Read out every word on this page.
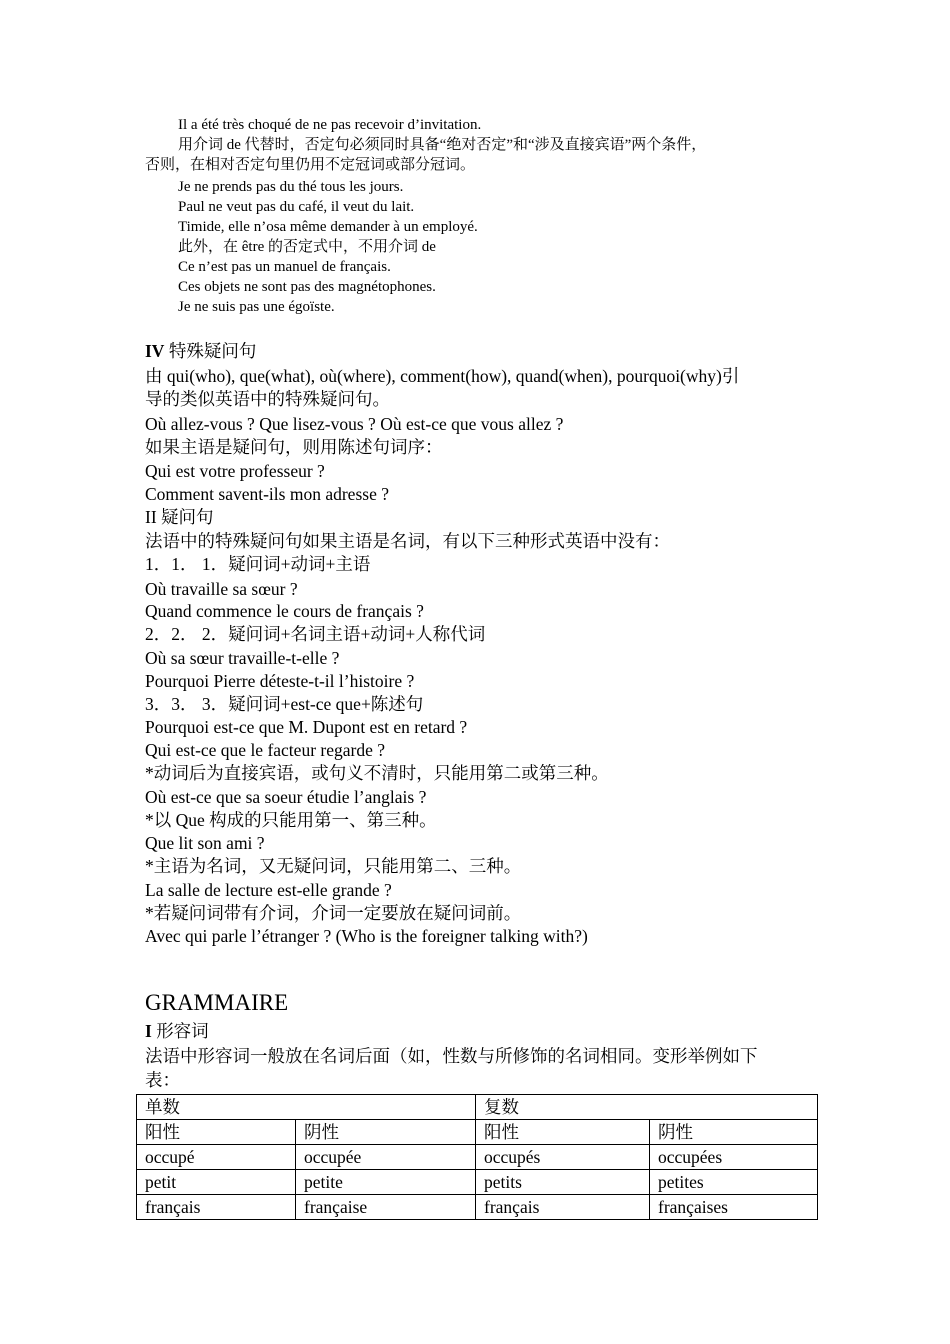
Il a été très choqué de ne pas recevoir d’invitation.
用介词 de 代替时，否定句必须同时具备“绝对否定”和“涉及直接宾语”两个条件，
否则，在相对否定句里仍用不定冠词或部分冠词。
Je ne prends pas du thé tous les jours.
Paul ne veut pas du café, il veut du lait.
Timide, elle n’osa même demander à un employé.
此外，在 être 的否定式中，不用介词 de
Ce n’est pas un manuel de français.
Ces objets ne sont pas des magnétophones.
Je ne suis pas une égoïste.
IV 特殊疑问句
由 qui(who), que(what), où(where), comment(how), quand(when), pourquoi(why)引
导的类似英语中的特殊疑问句。
Où allez-vous ? Que lisez-vous ? Où est-ce que vous allez ?
如果主语是疑问句，则用陈述句词序：
Qui est votre professeur ?
Comment savent-ils mon adresse ?
II 疑问句
法语中的特殊疑问句如果主语是名词，有以下三种形式英语中没有：
1．1． 1．疑问词+动词+主语
Où travaille sa sœur ?
Quand commence le cours de français ?
2．2． 2．疑问词+名词主语+动词+人称代词
Où sa sœur travaille-t-elle ?
Pourquoi Pierre déteste-t-il l’histoire ?
3．3． 3．疑问词+est-ce que+陈述句
Pourquoi est-ce que M. Dupont est en retard ?
Qui est-ce que le facteur regarde ?
*动词后为直接宾语，或句义不清时，只能用第二或第三种。
Où est-ce que sa soeur étudie l’anglais ?
*以 Que 构成的只能用第一、第三种。
Que lit son ami ?
*主语为名词，又无疑问词，只能用第二、三种。
La salle de lecture est-elle grande ?
*若疑问词带有介词，介词一定要放在疑问词前。
Avec qui parle l’étranger ? (Who is the foreigner talking with?)
GRAMMAIRE
I 形容词
法语中形容词一般放在名词后面（如，性数与所修饰的名词相同。变形举例如下
表：
单数		复数	
阳性	阴性	阳性	阴性
occupé	occupée	occupés	occupées
petit	petite	petits	petites
français	française	français	françaises
